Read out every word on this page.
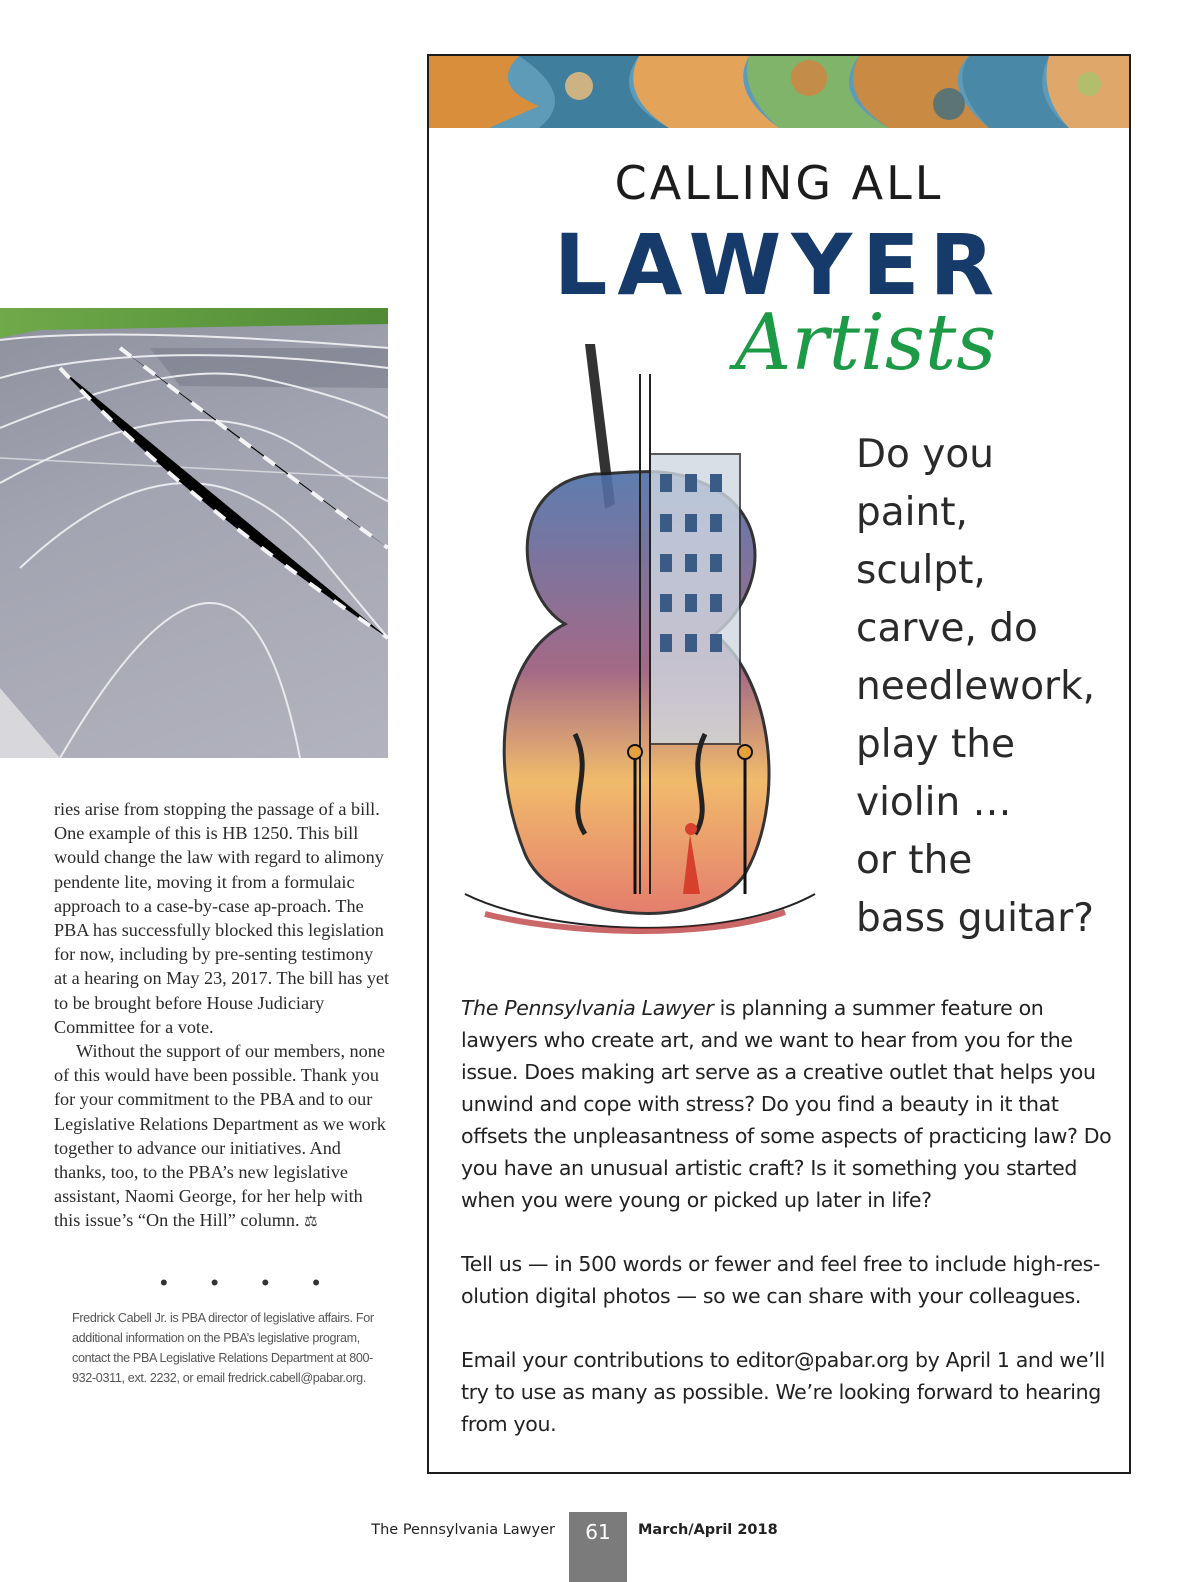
ries arise from stopping the passage of a bill. One example of this is HB 1250. This bill would change the law with regard to alimony pendente lite, moving it from a formulaic approach to a case-by-case ap-proach. The PBA has successfully blocked this legislation for now, including by pre-senting testimony at a hearing on May 23, 2017. The bill has yet to be brought before House Judiciary Committee for a vote.

Without the support of our members, none of this would have been possible. Thank you for your commitment to the PBA and to our Legislative Relations Department as we work together to advance our initiatives. And thanks, too, to the PBA’s new legislative assistant, Naomi George, for her help with this issue’s “On the Hill” column. ⚖

• • • •
Fredrick Cabell Jr. is PBA director of legislative affairs. For additional information on the PBA’s legislative program, contact the PBA Legislative Relations Department at 800-932-0311, ext. 2232, or email fredrick.cabell@pabar.org.
CALLING ALL
LAWYER
Artists
Do you
paint,
sculpt,
carve, do
needlework,
play the
violin …
or the
bass guitar?

The Pennsylvania Lawyer is planning a summer feature on lawyers who create art, and we want to hear from you for the issue. Does making art serve as a creative outlet that helps you unwind and cope with stress? Do you find a beauty in it that offsets the unpleasantness of some aspects of practicing law? Do you have an unusual artistic craft? Is it something you started when you were young or picked up later in life?

Tell us — in 500 words or fewer and feel free to include high-res-olution digital photos — so we can share with your colleagues.

Email your contributions to editor@pabar.org by April 1 and we’ll try to use as many as possible. We’re looking forward to hearing from you.

The Pennsylvania Lawyer	61	March/April 2018
